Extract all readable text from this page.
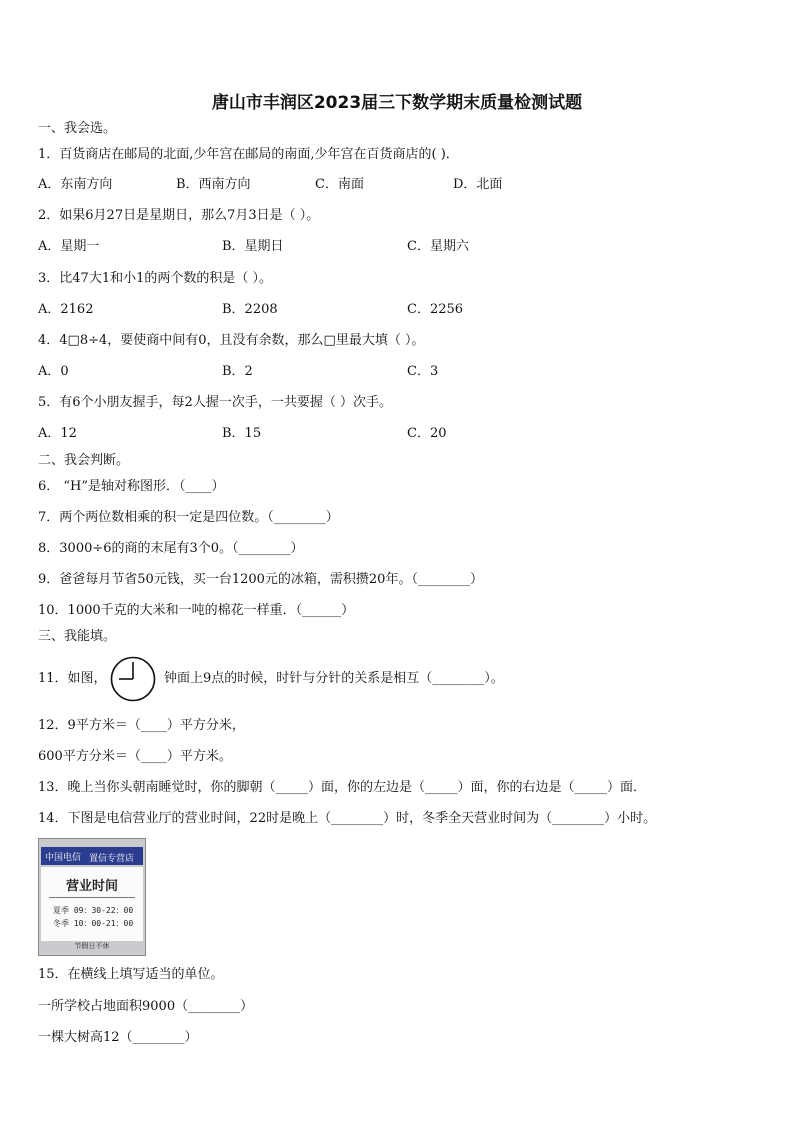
唐山市丰润区2023届三下数学期末质量检测试题
一、我会选。
1．百货商店在邮局的北面,少年宫在邮局的南面,少年宫在百货商店的( )．
A．东南方向	B．西南方向	C．南面	D．北面
2．如果6月27日是星期日，那么7月3日是（ ）。
A．星期一	B．星期日	C．星期六
3．比47大1和小1的两个数的积是（ ）。
A．2162	B．2208	C．2256
4．4□8÷4，要使商中间有0，且没有余数，那么□里最大填（ ）。
A．0	B．2	C．3
5．有6个小朋友握手，每2人握一次手，一共要握（ ）次手。
A．12	B．15	C．20
二、我会判断。
6． “H”是轴对称图形．（____）
7．两个两位数相乘的积一定是四位数。（________）
8．3000÷6的商的末尾有3个0。（________）
9．爸爸每月节省50元钱，买一台1200元的冰箱，需积攒20年。（________）
10．1000千克的大米和一吨的棉花一样重．（______）
三、我能填。
11．如图，	钟面上9点的时候，时针与分针的关系是相互（________）。
12．9平方米＝（____）平方分米，
600平方分米＝（____）平方米。
13．晚上当你头朝南睡觉时，你的脚朝（_____）面，你的左边是（_____）面，你的右边是（_____）面．
14．下图是电信营业厅的营业时间，22时是晚上（________）时，冬季全天营业时间为（________）小时。
中国电信 置信专营店
营业时间
夏季 09：30-22：00
冬季 10：00-21：00
节假日不休
15．在横线上填写适当的单位。
一所学校占地面积9000（________）
一棵大树高12（________）
